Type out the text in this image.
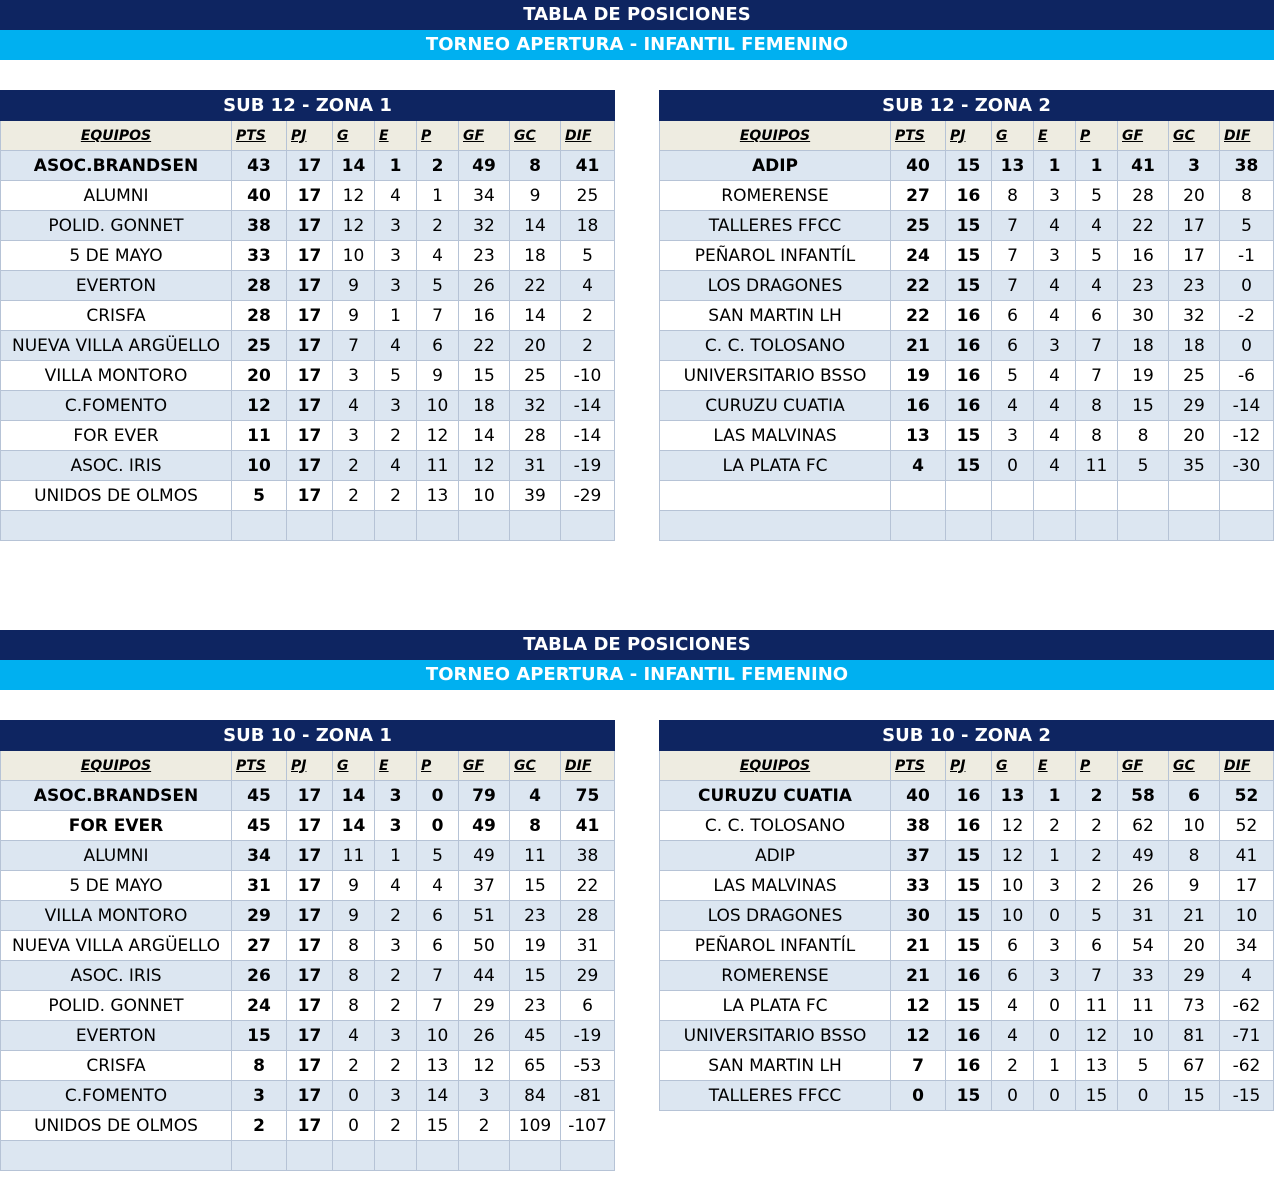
TABLA DE POSICIONES
TORNEO APERTURA - INFANTIL FEMENINO
TABLA DE POSICIONES
TORNEO APERTURA - INFANTIL FEMENINO
SUB 12 - ZONA 1								
EQUIPOS	PTS	PJ	G	E	P	GF	GC	DIF
ASOC.BRANDSEN	43	17	14	1	2	49	8	41
ALUMNI	40	17	12	4	1	34	9	25
POLID. GONNET	38	17	12	3	2	32	14	18
5 DE MAYO	33	17	10	3	4	23	18	5
EVERTON	28	17	9	3	5	26	22	4
CRISFA	28	17	9	1	7	16	14	2
NUEVA VILLA ARGÜELLO	25	17	7	4	6	22	20	2
VILLA MONTORO	20	17	3	5	9	15	25	-10
C.FOMENTO	12	17	4	3	10	18	32	-14
FOR EVER	11	17	3	2	12	14	28	-14
ASOC. IRIS	10	17	2	4	11	12	31	-19
UNIDOS DE OLMOS	5	17	2	2	13	10	39	-29

SUB 12 - ZONA 2								
EQUIPOS	PTS	PJ	G	E	P	GF	GC	DIF
ADIP	40	15	13	1	1	41	3	38
ROMERENSE	27	16	8	3	5	28	20	8
TALLERES FFCC	25	15	7	4	4	22	17	5
PEÑAROL INFANTÍL	24	15	7	3	5	16	17	-1
LOS DRAGONES	22	15	7	4	4	23	23	0
SAN MARTIN LH	22	16	6	4	6	30	32	-2
C. C. TOLOSANO	21	16	6	3	7	18	18	0
UNIVERSITARIO BSSO	19	16	5	4	7	19	25	-6
CURUZU CUATIA	16	16	4	4	8	15	29	-14
LAS MALVINAS	13	15	3	4	8	8	20	-12
LA PLATA FC	4	15	0	4	11	5	35	-30

SUB 10 - ZONA 1								
EQUIPOS	PTS	PJ	G	E	P	GF	GC	DIF
ASOC.BRANDSEN	45	17	14	3	0	79	4	75
FOR EVER	45	17	14	3	0	49	8	41
ALUMNI	34	17	11	1	5	49	11	38
5 DE MAYO	31	17	9	4	4	37	15	22
VILLA MONTORO	29	17	9	2	6	51	23	28
NUEVA VILLA ARGÜELLO	27	17	8	3	6	50	19	31
ASOC. IRIS	26	17	8	2	7	44	15	29
POLID. GONNET	24	17	8	2	7	29	23	6
EVERTON	15	17	4	3	10	26	45	-19
CRISFA	8	17	2	2	13	12	65	-53
C.FOMENTO	3	17	0	3	14	3	84	-81
UNIDOS DE OLMOS	2	17	0	2	15	2	109	-107

SUB 10 - ZONA 2								
EQUIPOS	PTS	PJ	G	E	P	GF	GC	DIF
CURUZU CUATIA	40	16	13	1	2	58	6	52
C. C. TOLOSANO	38	16	12	2	2	62	10	52
ADIP	37	15	12	1	2	49	8	41
LAS MALVINAS	33	15	10	3	2	26	9	17
LOS DRAGONES	30	15	10	0	5	31	21	10
PEÑAROL INFANTÍL	21	15	6	3	6	54	20	34
ROMERENSE	21	16	6	3	7	33	29	4
LA PLATA FC	12	15	4	0	11	11	73	-62
UNIVERSITARIO BSSO	12	16	4	0	12	10	81	-71
SAN MARTIN LH	7	16	2	1	13	5	67	-62
TALLERES FFCC	0	15	0	0	15	0	15	-15
